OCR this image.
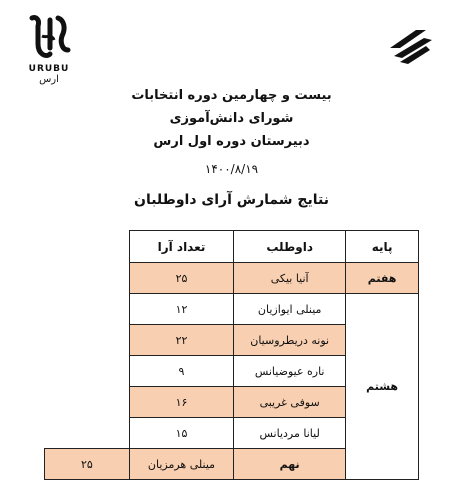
URUBU
ارس
بیست و چهارمین دوره انتخابات
شورای دانش‌آموزی
دبیرستان دوره اول ارس
۱۴۰۰/۸/۱۹
نتایج شمارش آرای داوطلبان
پایه	داوطلب	تعداد آرا	
هفتم	آنیا بیکی	۲۵	
هشتم	مینلی ایوازیان	۱۲	
	نونه دریطروسیان	۲۲	
	ناره عیوضیانس	۹	
	سوفی غریبی	۱۶	
	لیانا مردیانس	۱۵	
	نهم	مینلی هرمزیان	۲۵
